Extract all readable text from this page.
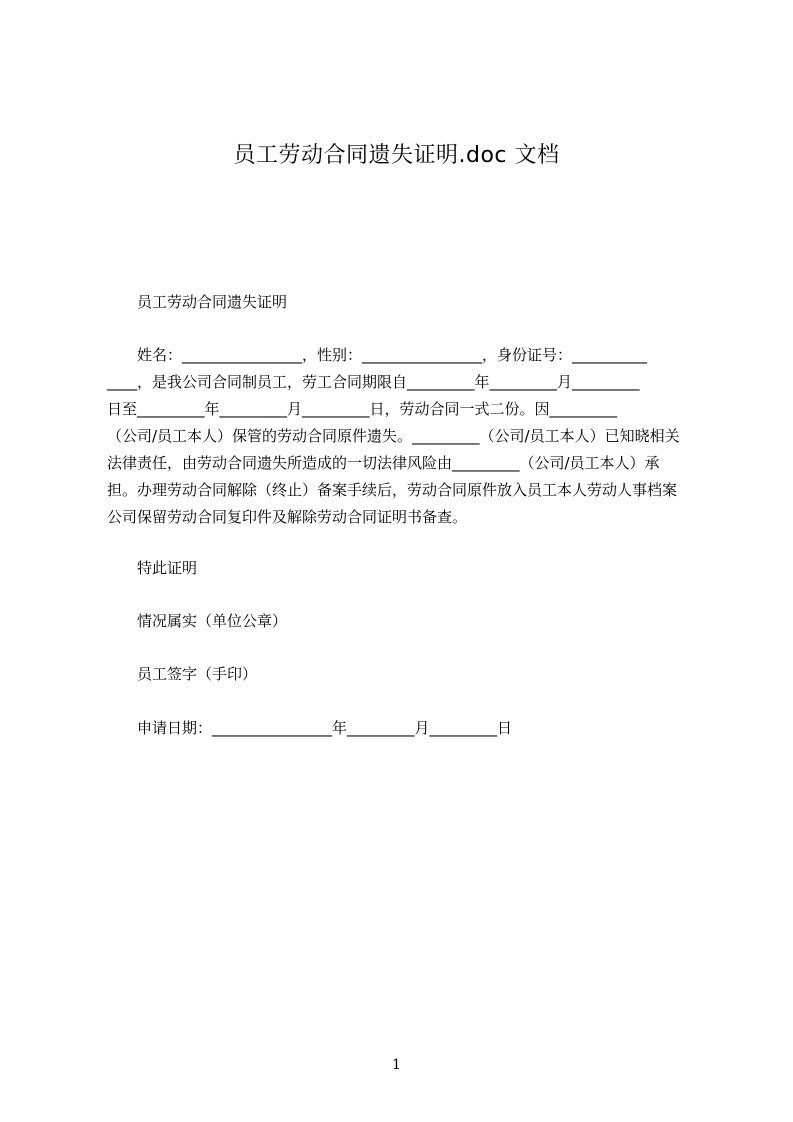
员工劳动合同遗失证明.doc 文档
员工劳动合同遗失证明
姓名：________________，性别：________________，身份证号：__________
____，是我公司合同制员工，劳工合同期限自_________年_________月_________
日至_________年_________月_________日，劳动合同一式二份。因_________
（公司/员工本人）保管的劳动合同原件遗失。_________（公司/员工本人）已知晓相关
法律责任，由劳动合同遗失所造成的一切法律风险由_________（公司/员工本人）承
担。办理劳动合同解除（终止）备案手续后，劳动合同原件放入员工本人劳动人事档案
公司保留劳动合同复印件及解除劳动合同证明书备查。
特此证明
情况属实（单位公章）
员工签字（手印）
申请日期：________________年_________月_________日
1
